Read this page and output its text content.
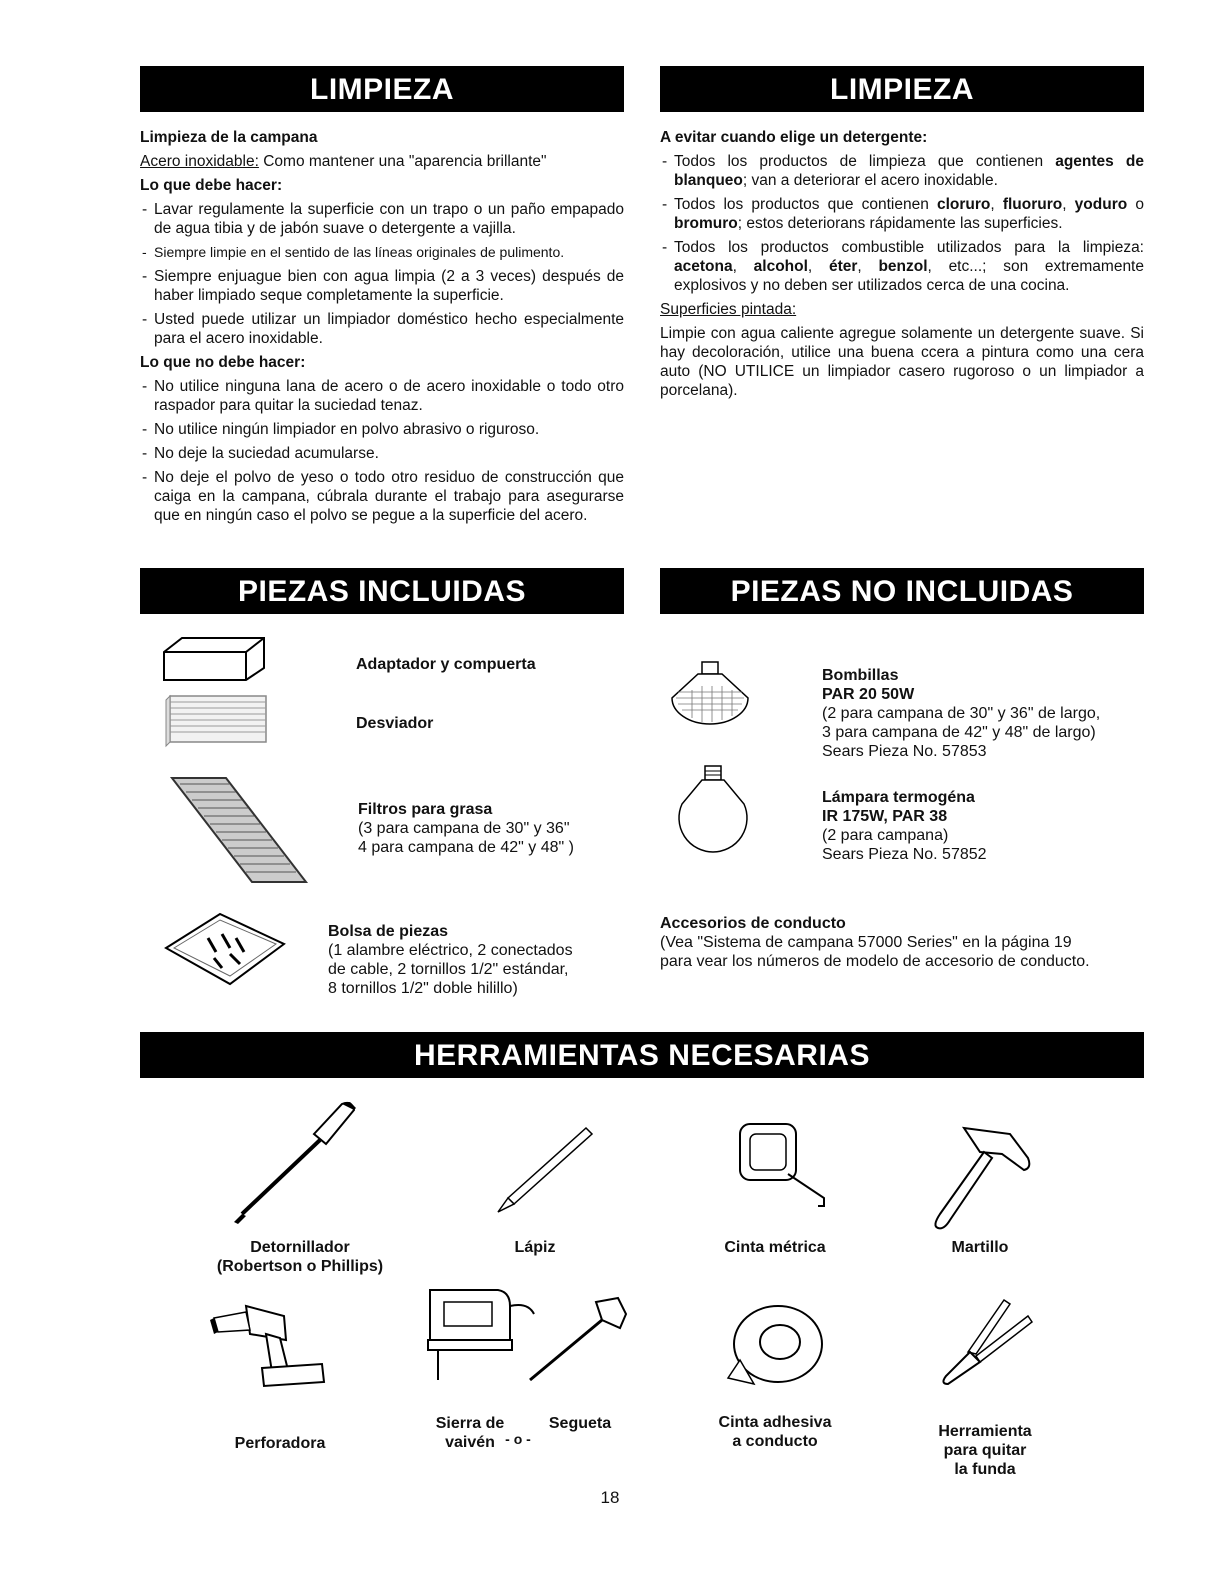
LIMPIEZA	LIMPIEZA
PIEZAS INCLUIDAS	PIEZAS NO INCLUIDAS
HERRAMIENTAS NECESARIAS

Limpieza de la campana

Acero inoxidable: Como mantener una "aparencia brillante"

Lo que debe hacer:

- Lavar regulamente la superficie con un trapo o un paño empapado de agua tibia y de jabón suave o detergente a vajilla.
- Siempre limpie en el sentido de las líneas originales de pulimento.
- Siempre enjuague bien con agua limpia (2 a 3 veces) después de haber limpiado seque completamente la superficie.
- Usted puede utilizar un limpiador doméstico hecho especialmente para el acero inoxidable.

Lo que no debe hacer:

- No utilice ninguna lana de acero o de acero inoxidable o todo otro raspador para quitar la suciedad tenaz.
- No utilice ningún limpiador en polvo abrasivo o riguroso.
- No deje la suciedad acumularse.
- No deje el polvo de yeso o todo otro residuo de construcción que caiga en la campana, cúbrala durante el trabajo para asegurarse que en ningún caso el polvo se pegue a la superficie del acero.

A evitar cuando elige un detergente:

- Todos los productos de limpieza que contienen agentes de blanqueo; van a deteriorar el acero inoxidable.
- Todos los productos que contienen cloruro, fluoruro, yoduro o bromuro; estos deteriorans rápidamente las superficies.
- Todos los productos combustible utilizados para la limpieza: acetona, alcohol, éter, benzol, etc...; son extremamente explosivos y no deben ser utilizados cerca de una cocina.

Superficies pintada:

Limpie con agua caliente agregue solamente un detergente suave. Si hay decoloración, utilice una buena ccera a pintura como una cera auto (NO UTILICE un limpiador casero rugoroso o un limpiador a porcelana).

Adaptador y compuerta
Desviador
Filtros para grasa
(3 para campana de 30" y 36"
4 para campana de 42" y 48" )
Bolsa de piezas
(1 alambre eléctrico, 2 conectados
de cable, 2 tornillos 1/2" estándar,
8 tornillos 1/2" doble hilillo)
Bombillas
PAR 20 50W
(2 para campana de 30" y 36" de largo,
3 para campana de 42" y 48" de largo)
Sears Pieza No. 57853
Lámpara termogéna
IR 175W, PAR 38
(2 para campana)
Sears Pieza No. 57852
Accesorios de conducto
(Vea "Sistema de campana 57000 Series" en la página 19
para vear los números de modelo de accesorio de conducto.
Detornillador
(Robertson o Phillips)
Lápiz	Cinta métrica	Martillo
Perforadora
Sierra de
vaivén - o -
Segueta	Cinta adhesiva
a conducto
Herramienta
para quitar
la funda
18
